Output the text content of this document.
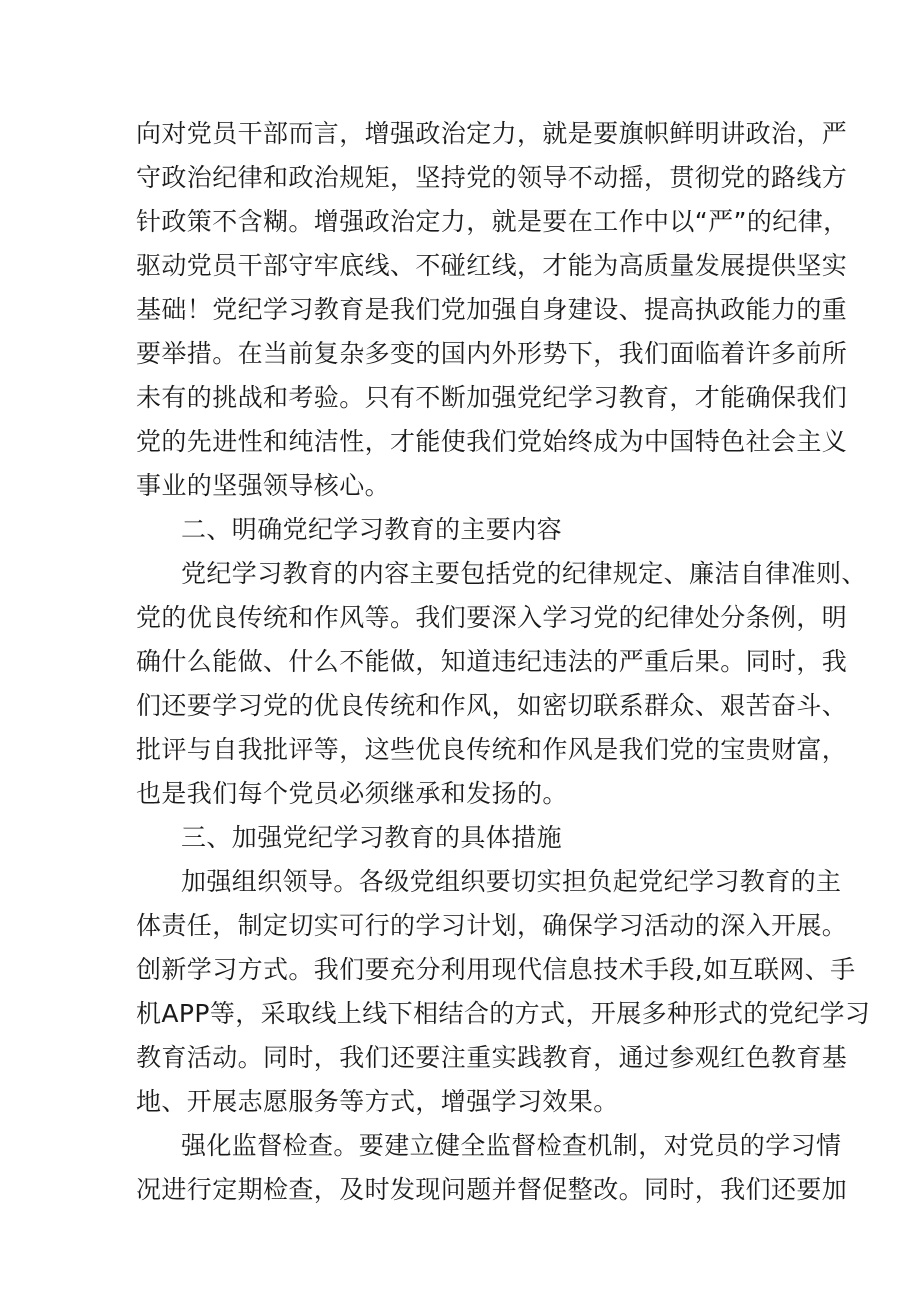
向对党员干部而言，增强政治定力，就是要旗帜鲜明讲政治，严
守政治纪律和政治规矩，坚持党的领导不动摇，贯彻党的路线方
针政策不含糊。增强政治定力，就是要在工作中以“严”的纪律，
驱动党员干部守牢底线、不碰红线，才能为高质量发展提供坚实
基础！党纪学习教育是我们党加强自身建设、提高执政能力的重
要举措。在当前复杂多变的国内外形势下，我们面临着许多前所
未有的挑战和考验。只有不断加强党纪学习教育，才能确保我们
党的先进性和纯洁性，才能使我们党始终成为中国特色社会主义
事业的坚强领导核心。
二、明确党纪学习教育的主要内容
党纪学习教育的内容主要包括党的纪律规定、廉洁自律准则、
党的优良传统和作风等。我们要深入学习党的纪律处分条例，明
确什么能做、什么不能做，知道违纪违法的严重后果。同时，我
们还要学习党的优良传统和作风，如密切联系群众、艰苦奋斗、
批评与自我批评等，这些优良传统和作风是我们党的宝贵财富，
也是我们每个党员必须继承和发扬的。
三、加强党纪学习教育的具体措施
加强组织领导。各级党组织要切实担负起党纪学习教育的主
体责任，制定切实可行的学习计划，确保学习活动的深入开展。
创新学习方式。我们要充分利用现代信息技术手段,如互联网、手
机APP等，采取线上线下相结合的方式，开展多种形式的党纪学习
教育活动。同时，我们还要注重实践教育，通过参观红色教育基
地、开展志愿服务等方式，增强学习效果。
强化监督检查。要建立健全监督检查机制，对党员的学习情
况进行定期检查，及时发现问题并督促整改。同时，我们还要加
